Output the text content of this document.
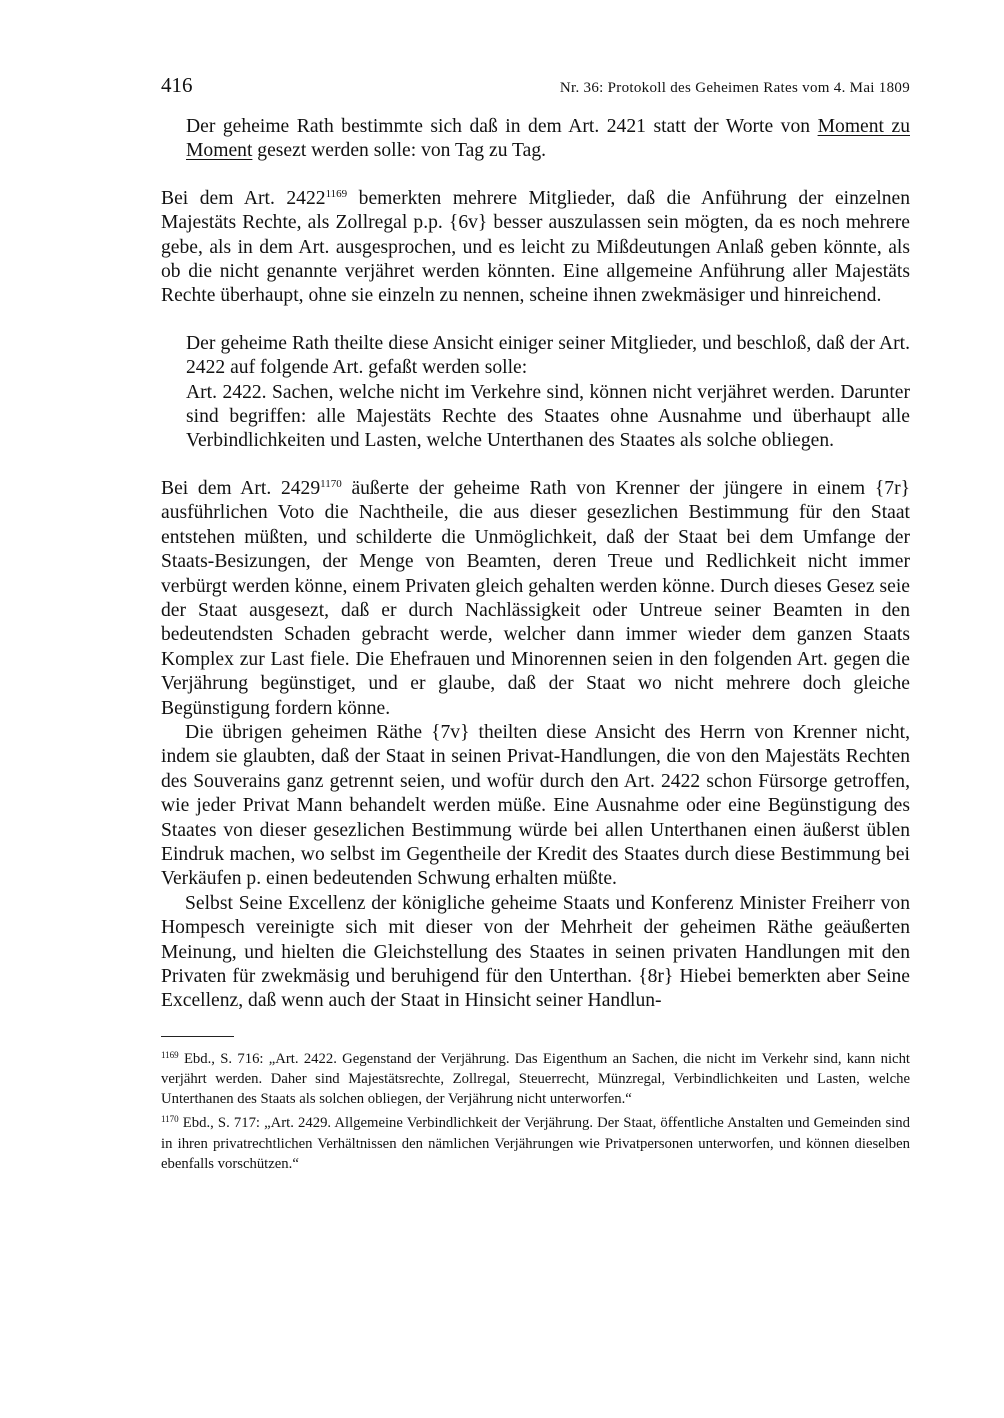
416	Nr. 36: Protokoll des Geheimen Rates vom 4. Mai 1809

Der geheime Rath bestimmte sich daß in dem Art. 2421 statt der Worte von Moment zu Moment gesezt werden solle: von Tag zu Tag.

Bei dem Art. $2422^{1169}$ bemerkten mehrere Mitglieder, daß die Anführung der einzelnen Majestäts Rechte, als Zollregal p.p. {6v} besser auszulassen sein mögten, da es noch mehrere gebe, als in dem Art. ausgesprochen, und es leicht zu Mißdeutungen Anlaß geben könnte, als ob die nicht genannte verjähret werden könnten. Eine allgemeine Anführung aller Majestäts Rechte überhaupt, ohne sie einzeln zu nennen, scheine ihnen zwekmäsiger und hinreichend.

Der geheime Rath theilte diese Ansicht einiger seiner Mitglieder, und beschloß, daß der Art. 2422 auf folgende Art. gefaßt werden solle:

Art. 2422. Sachen, welche nicht im Verkehre sind, können nicht verjähret werden. Darunter sind begriffen: alle Majestäts Rechte des Staates ohne Ausnahme und überhaupt alle Verbindlichkeiten und Lasten, welche Unterthanen des Staates als solche obliegen.

Bei dem Art. $2429^{1170}$ äußerte der geheime Rath von Krenner der jüngere in einem {7r} ausführlichen Voto die Nachtheile, die aus dieser gesezlichen Bestimmung für den Staat entstehen müßten, und schilderte die Unmöglichkeit, daß der Staat bei dem Umfange der Staats-Besizungen, der Menge von Beamten, deren Treue und Redlichkeit nicht immer verbürgt werden könne, einem Privaten gleich gehalten werden könne. Durch dieses Gesez seie der Staat ausgesezt, daß er durch Nachlässigkeit oder Untreue seiner Beamten in den bedeutendsten Schaden gebracht werde, welcher dann immer wieder dem ganzen Staats Komplex zur Last fiele. Die Ehefrauen und Minorennen seien in den folgenden Art. gegen die Verjährung begünstiget, und er glaube, daß der Staat wo nicht mehrere doch gleiche Begünstigung fordern könne.

Die übrigen geheimen Räthe {7v} theilten diese Ansicht des Herrn von Krenner nicht, indem sie glaubten, daß der Staat in seinen Privat-Handlungen, die von den Majestäts Rechten des Souverains ganz getrennt seien, und wofür durch den Art. 2422 schon Fürsorge getroffen, wie jeder Privat Mann behandelt werden müße. Eine Ausnahme oder eine Begünstigung des Staates von dieser gesezlichen Bestimmung würde bei allen Unterthanen einen äußerst üblen Eindruk machen, wo selbst im Gegentheile der Kredit des Staates durch diese Bestimmung bei Verkäufen p. einen bedeutenden Schwung erhalten müßte.

Selbst Seine Excellenz der königliche geheime Staats und Konferenz Minister Freiherr von Hompesch vereinigte sich mit dieser von der Mehrheit der geheimen Räthe geäußerten Meinung, und hielten die Gleichstellung des Staates in seinen privaten Handlungen mit den Privaten für zwekmäsig und beruhigend für den Unterthan. {8r} Hiebei bemerkten aber Seine Excellenz, daß wenn auch der Staat in Hinsicht seiner Handlun-

$^{1169}$ Ebd., S. 716: „Art. 2422. Gegenstand der Verjährung. Das Eigenthum an Sachen, die nicht im Verkehr sind, kann nicht verjährt werden. Daher sind Majestätsrechte, Zollregal, Steuerrecht, Münzregal, Verbindlichkeiten und Lasten, welche Unterthanen des Staats als solchen obliegen, der Verjährung nicht unterworfen.“
$^{1170}$ Ebd., S. 717: „Art. 2429. Allgemeine Verbindlichkeit der Verjährung. Der Staat, öffentliche Anstalten und Gemeinden sind in ihren privatrechtlichen Verhältnissen den nämlichen Verjährungen wie Privatpersonen unterworfen, und können dieselben ebenfalls vorschützen.“
